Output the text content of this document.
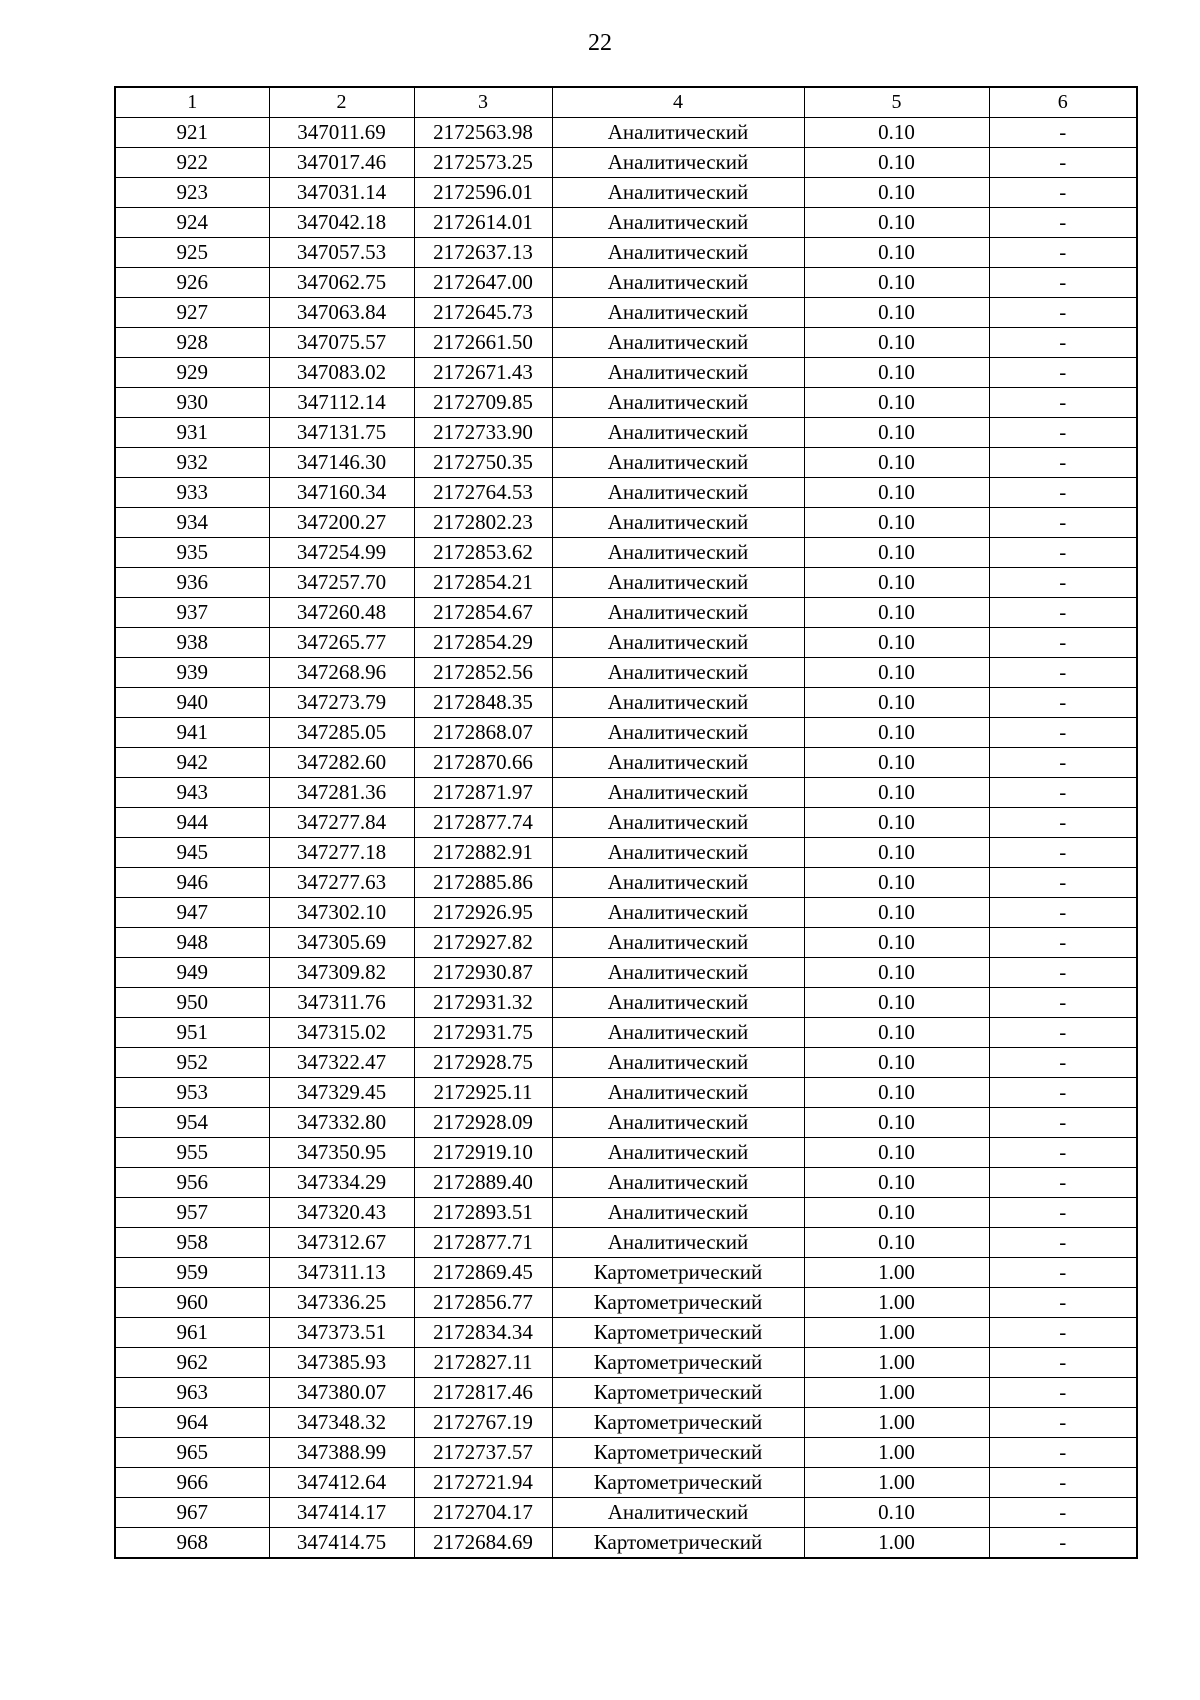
22
1	2	3	4	5	6
921	347011.69	2172563.98	Аналитический	0.10	-
922	347017.46	2172573.25	Аналитический	0.10	-
923	347031.14	2172596.01	Аналитический	0.10	-
924	347042.18	2172614.01	Аналитический	0.10	-
925	347057.53	2172637.13	Аналитический	0.10	-
926	347062.75	2172647.00	Аналитический	0.10	-
927	347063.84	2172645.73	Аналитический	0.10	-
928	347075.57	2172661.50	Аналитический	0.10	-
929	347083.02	2172671.43	Аналитический	0.10	-
930	347112.14	2172709.85	Аналитический	0.10	-
931	347131.75	2172733.90	Аналитический	0.10	-
932	347146.30	2172750.35	Аналитический	0.10	-
933	347160.34	2172764.53	Аналитический	0.10	-
934	347200.27	2172802.23	Аналитический	0.10	-
935	347254.99	2172853.62	Аналитический	0.10	-
936	347257.70	2172854.21	Аналитический	0.10	-
937	347260.48	2172854.67	Аналитический	0.10	-
938	347265.77	2172854.29	Аналитический	0.10	-
939	347268.96	2172852.56	Аналитический	0.10	-
940	347273.79	2172848.35	Аналитический	0.10	-
941	347285.05	2172868.07	Аналитический	0.10	-
942	347282.60	2172870.66	Аналитический	0.10	-
943	347281.36	2172871.97	Аналитический	0.10	-
944	347277.84	2172877.74	Аналитический	0.10	-
945	347277.18	2172882.91	Аналитический	0.10	-
946	347277.63	2172885.86	Аналитический	0.10	-
947	347302.10	2172926.95	Аналитический	0.10	-
948	347305.69	2172927.82	Аналитический	0.10	-
949	347309.82	2172930.87	Аналитический	0.10	-
950	347311.76	2172931.32	Аналитический	0.10	-
951	347315.02	2172931.75	Аналитический	0.10	-
952	347322.47	2172928.75	Аналитический	0.10	-
953	347329.45	2172925.11	Аналитический	0.10	-
954	347332.80	2172928.09	Аналитический	0.10	-
955	347350.95	2172919.10	Аналитический	0.10	-
956	347334.29	2172889.40	Аналитический	0.10	-
957	347320.43	2172893.51	Аналитический	0.10	-
958	347312.67	2172877.71	Аналитический	0.10	-
959	347311.13	2172869.45	Картометрический	1.00	-
960	347336.25	2172856.77	Картометрический	1.00	-
961	347373.51	2172834.34	Картометрический	1.00	-
962	347385.93	2172827.11	Картометрический	1.00	-
963	347380.07	2172817.46	Картометрический	1.00	-
964	347348.32	2172767.19	Картометрический	1.00	-
965	347388.99	2172737.57	Картометрический	1.00	-
966	347412.64	2172721.94	Картометрический	1.00	-
967	347414.17	2172704.17	Аналитический	0.10	-
968	347414.75	2172684.69	Картометрический	1.00	-
